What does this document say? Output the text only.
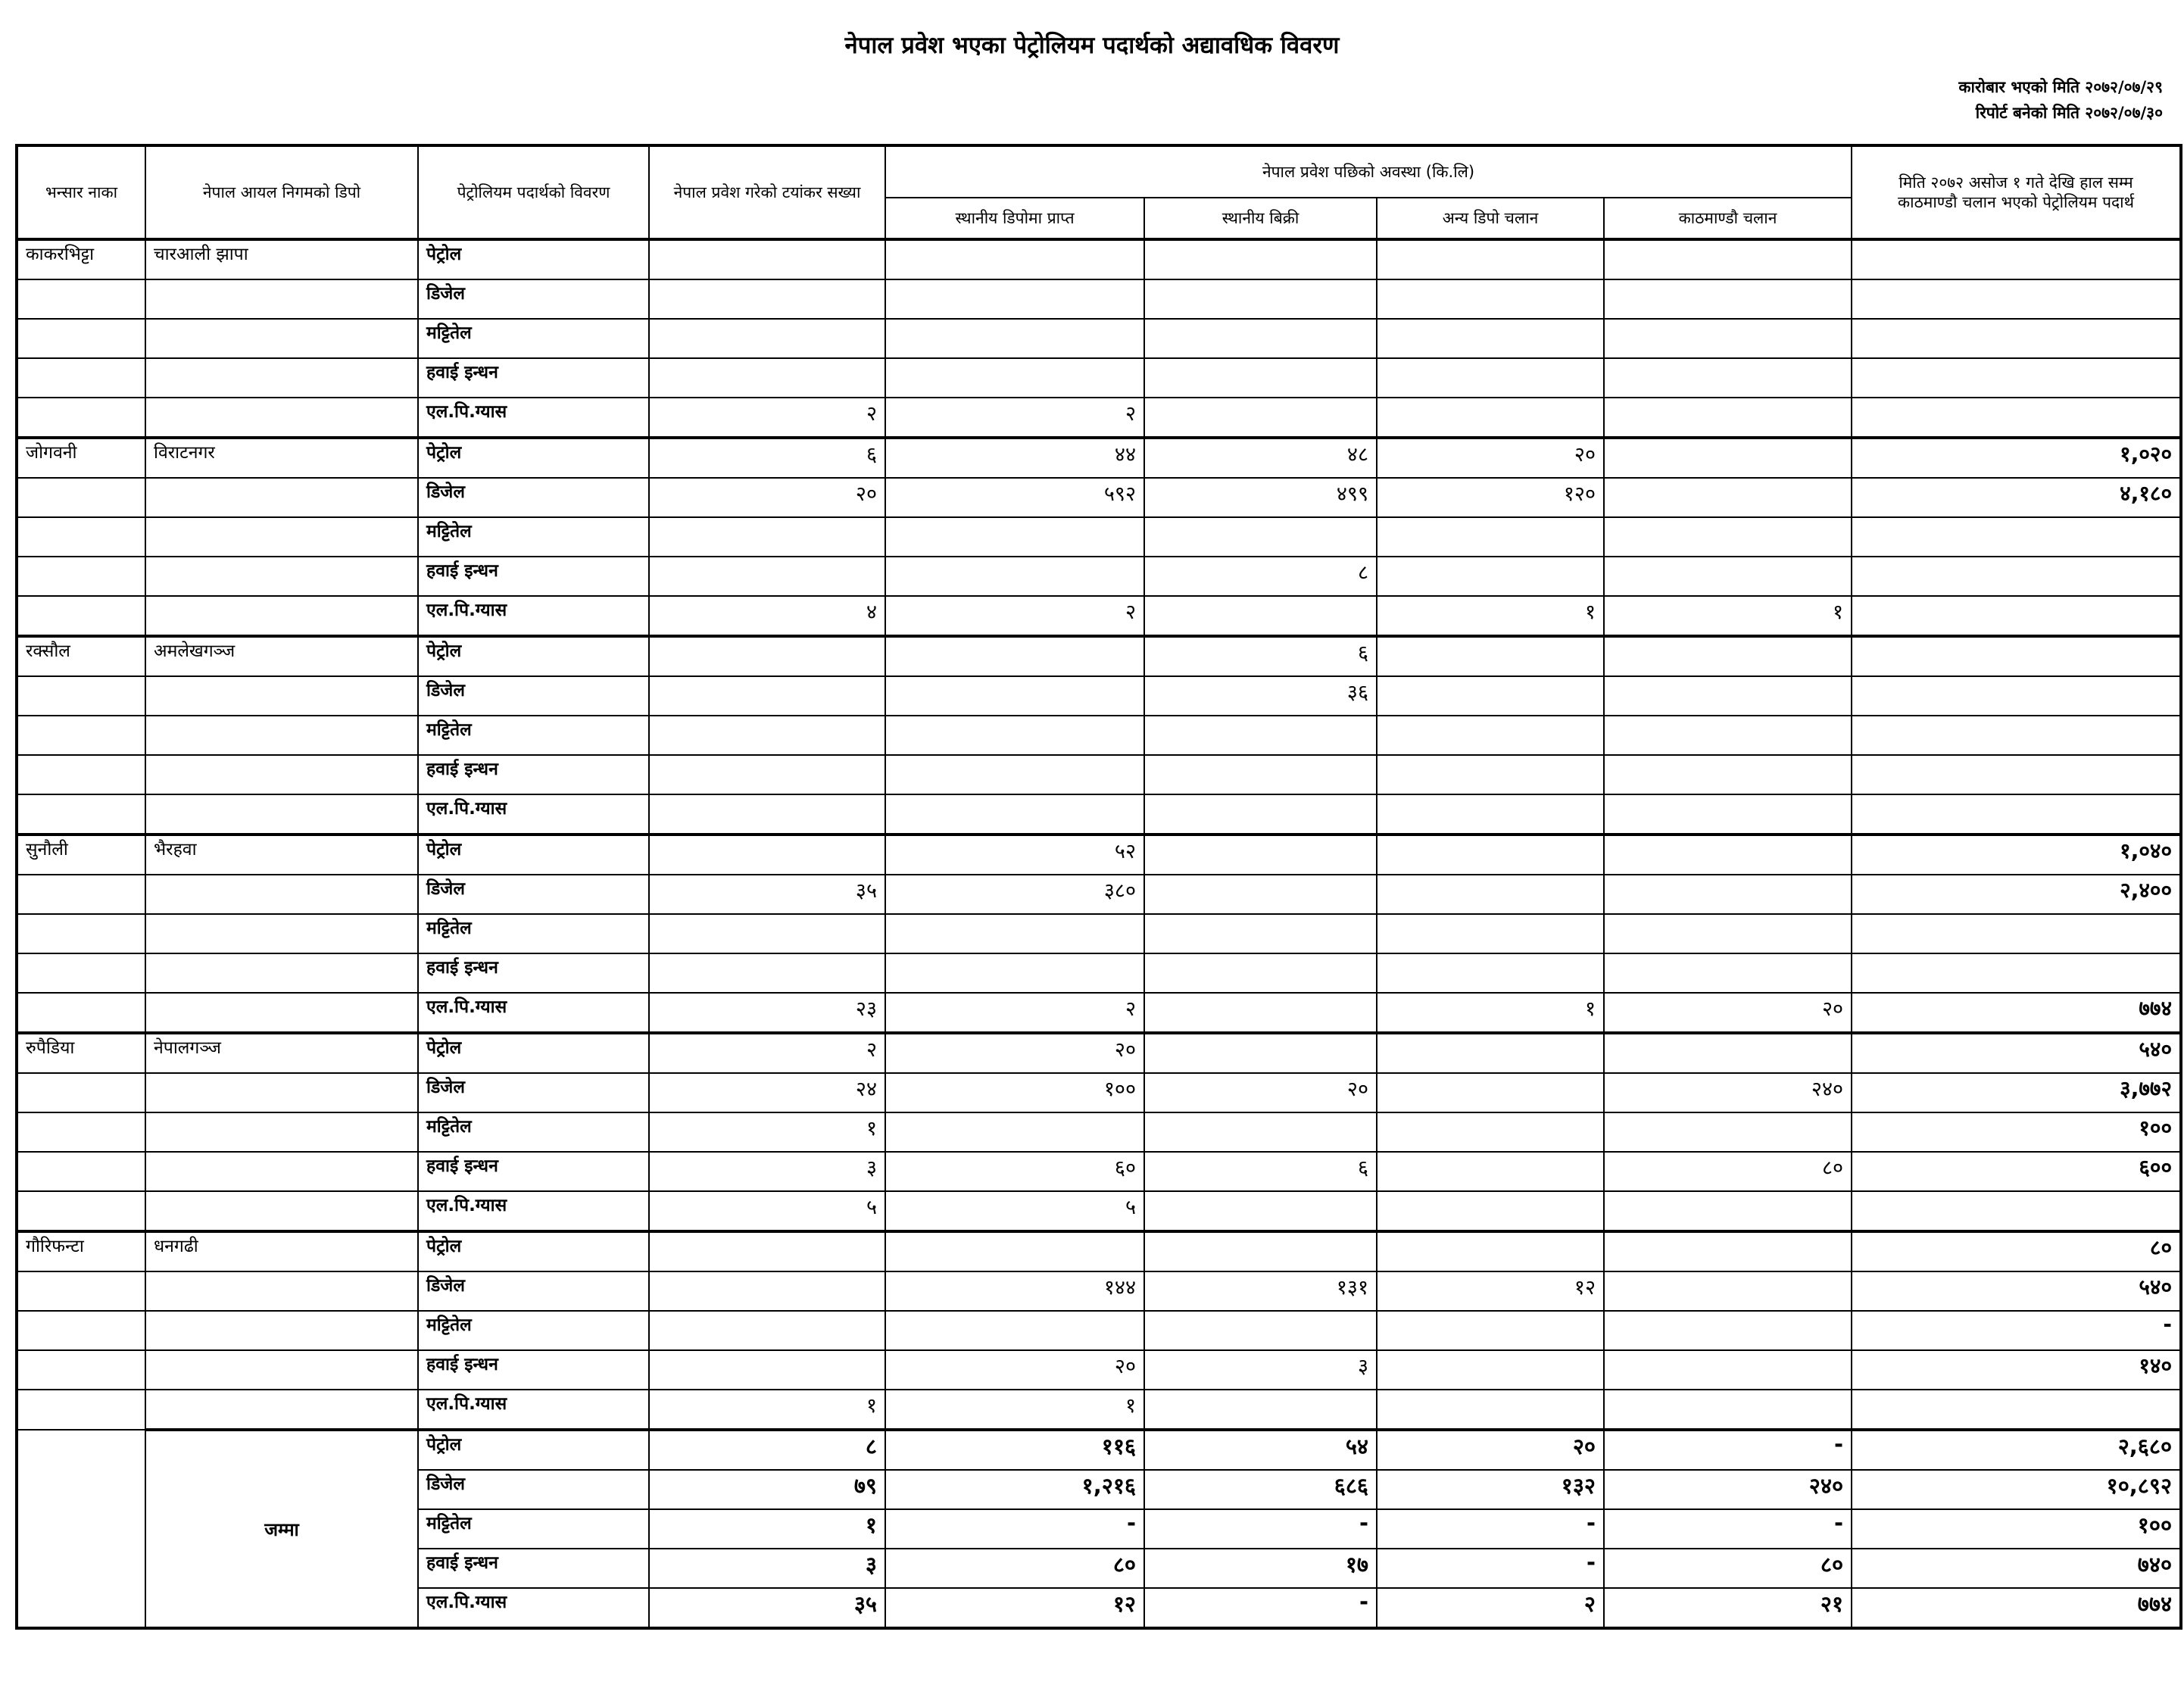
नेपाल प्रवेश भएका पेट्रोलियम पदार्थको अद्यावधिक विवरण
कारोबार भएको मिति २०७२/०७/२९
रिपोर्ट बनेको मिति २०७२/०७/३०
भन्सार नाका	नेपाल आयल निगमको डिपो	पेट्रोलियम पदार्थको विवरण	नेपाल प्रवेश गरेको टयांकर सख्या	नेपाल प्रवेश पछिको अवस्था (कि.लि)				मिति २०७२ असोज १ गते देखि हाल सम्म
काठमाण्डौ चलान भएको पेट्रोलियम पदार्थ

				स्थानीय डिपोमा प्राप्त	स्थानीय बिक्री	अन्य डिपो चलान	काठमाण्डौ चलान	
काकरभिट्टा	चारआली झापा	पेट्रोल						
		डिजेल						
		मट्टितेल						
		हवाई इन्धन						
		एल.पि.ग्यास	२	२				
जोगवनी	विराटनगर	पेट्रोल	६	४४	४८	२०		१,०२०
		डिजेल	२०	५९२	४९९	१२०		४,१८०
		मट्टितेल						
		हवाई इन्धन			८			
		एल.पि.ग्यास	४	२		१	१	
रक्सौल	अमलेखगञ्ज	पेट्रोल			६			
		डिजेल			३६			
		मट्टितेल						
		हवाई इन्धन						
		एल.पि.ग्यास						
सुनौली	भैरहवा	पेट्रोल		५२				१,०४०
		डिजेल	३५	३८०				२,४००
		मट्टितेल						
		हवाई इन्धन						
		एल.पि.ग्यास	२३	२		१	२०	७७४
रुपैडिया	नेपालगञ्ज	पेट्रोल	२	२०				५४०
		डिजेल	२४	१००	२०		२४०	३,७७२
		मट्टितेल	१					१००
		हवाई इन्धन	३	६०	६		८०	६००
		एल.पि.ग्यास	५	५				
गौरिफन्टा	धनगढी	पेट्रोल						८०
		डिजेल		१४४	१३१	१२		५४०
		मट्टितेल						-
		हवाई इन्धन		२०	३			१४०
		एल.पि.ग्यास	१	१				
	जम्मा	पेट्रोल	८	११६	५४	२०	-	२,६८०
		डिजेल	७९	१,२१६	६८६	१३२	२४०	१०,८९२
		मट्टितेल	१	-	-	-	-	१००
		हवाई इन्धन	३	८०	१७	-	८०	७४०
		एल.पि.ग्यास	३५	१२	-	२	२१	७७४
